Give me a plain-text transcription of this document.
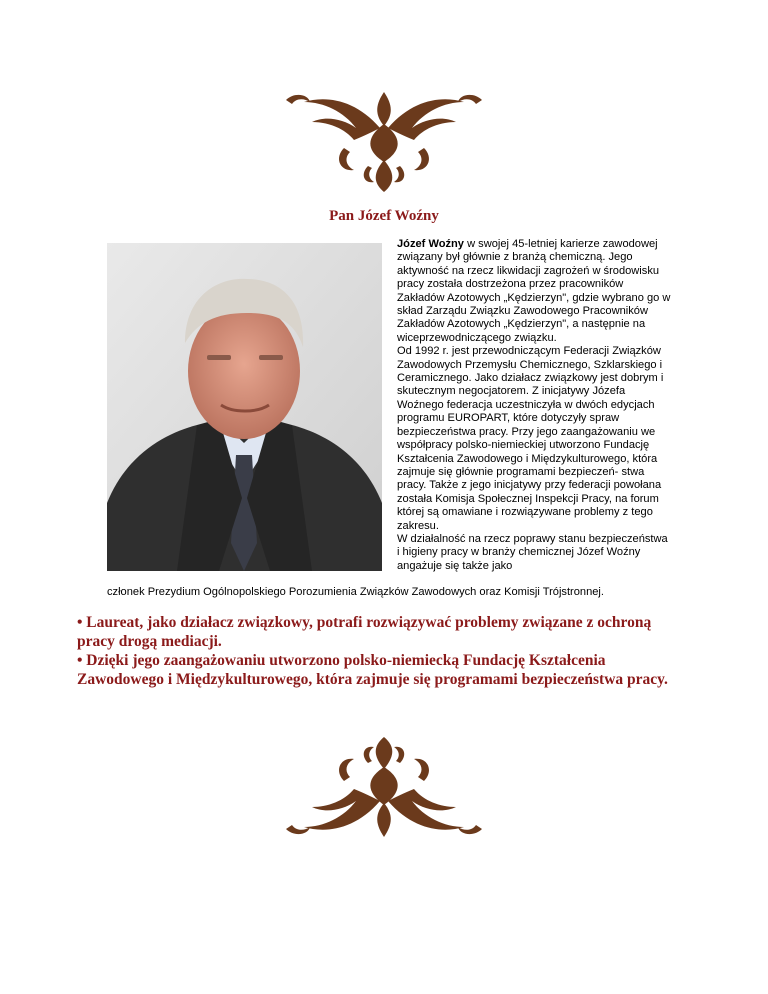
Pan Józef Woźny
Józef Woźny w swojej 45-letniej karierze zawodowej związany był głównie z branżą chemiczną. Jego aktywność na rzecz likwidacji zagrożeń w środowisku pracy została dostrzeżona przez pracowników Zakładów Azotowych „Kędzierzyn", gdzie wybrano go w skład Zarządu Związku Zawodowego Pracowników Zakładów Azotowych „Kędzierzyn", a następnie na wiceprzewodniczącego związku.
Od 1992 r. jest przewodniczącym Federacji Związków Zawodowych Przemysłu Chemicznego, Szklarskiego i Ceramicznego. Jako działacz związkowy jest dobrym i skutecznym negocjatorem. Z inicjatywy Józefa Woźnego federacja uczestniczyła w dwóch edycjach programu EUROPART, które dotyczyły spraw bezpieczeństwa pracy. Przy jego zaangażowaniu we współpracy polsko-niemieckiej utworzono Fundację Kształcenia Zawodowego i Międzykulturowego, która zajmuje się głównie programami bezpieczeń- stwa pracy. Także z jego inicjatywy przy federacji powołana została Komisja Społecznej Inspekcji Pracy, na forum której są omawiane i rozwiązywane problemy z tego zakresu.
W działalność na rzecz poprawy stanu bezpieczeństwa i higieny pracy w branży chemicznej Józef Woźny angażuje się także jako
członek Prezydium Ogólnopolskiego Porozumienia Związków Zawodowych oraz Komisji Trójstronnej.

• Laureat, jako działacz związkowy, potrafi rozwiązywać problemy związane z ochroną pracy drogą mediacji.

• Dzięki jego zaangażowaniu utworzono polsko-niemiecką Fundację Kształcenia Zawodowego i Międzykulturowego, która zajmuje się programami bezpieczeństwa pracy.
